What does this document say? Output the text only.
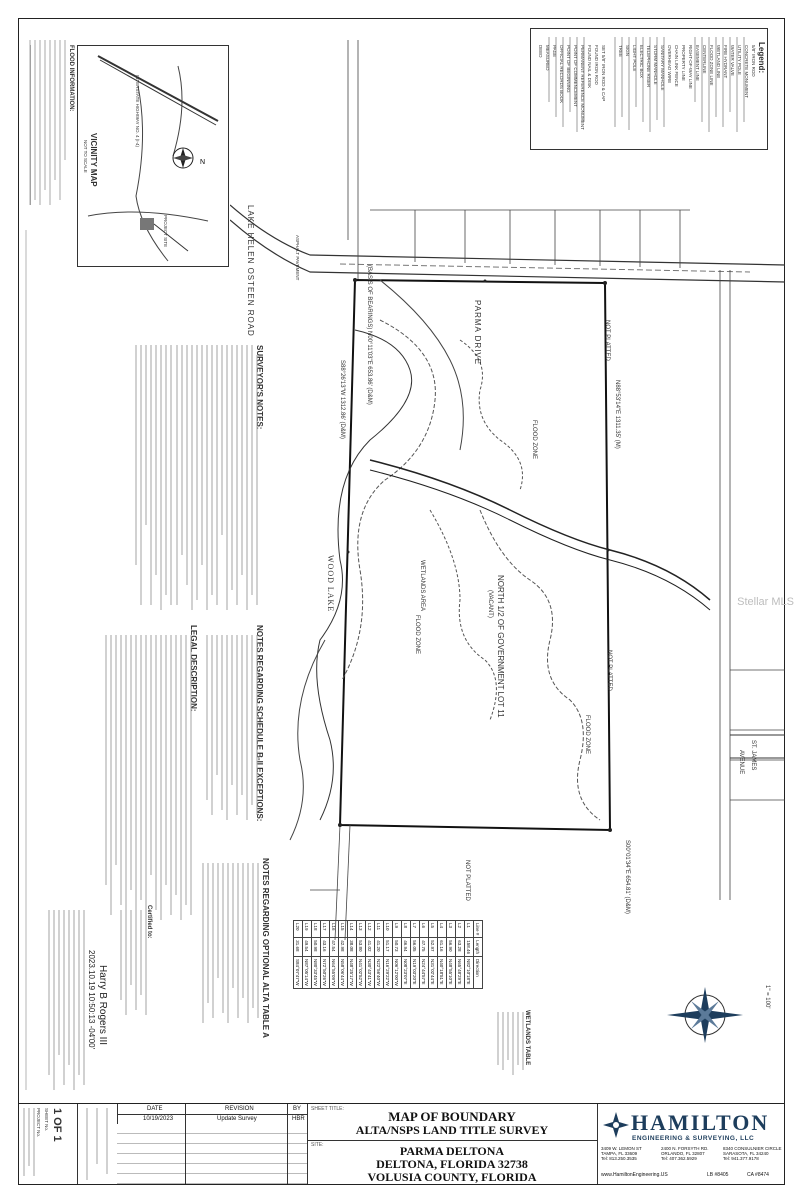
N
VICINITY MAP
NOT TO SCALE
INTERSTATE HIGHWAY NO. 4 (I-4)
PROJECT SITE
FLOOD INFORMATION:	Legend:
5/8" IRON ROD
CONCRETE MONUMENT
UTILITY POLE
WATER VALVE
FIRE HYDRANT
WETLAND LINE
FLOOD ZONE LINE
CENTERLINE
EASEMENT LINE
RIGHT-OF-WAY LINE
PROPERTY LINE
CHAIN LINK FENCE
OVERHEAD WIRE
SANITARY MANHOLE
STORM MANHOLE
TELEPHONE RISER
ELECTRIC BOX
LIGHT POLE
SIGN
TREE
SET 5/8" IRON ROD & CAP
FOUND IRON ROD
FOUND NAIL & DISK
PERMANENT REFERENCE MONUMENT
POINT OF COMMENCEMENT
POINT OF BEGINNING
OFFICIAL RECORDS BOOK
PAGE
MEASURED
DEED
LAKE HELEN OSTEEN ROAD	(BASIS OF BEARINGS) N00°11'03"E 653.86' (D&M)	PARMA DRIVE
WOOD LAKE
S88°26'13"W 1312.86' (D&M)	N88°53'14"E 1311.35' (M)
S00°01'34"E 654.81' (D&M)
NOT PLATTED
NOT PLATTED
NOT PLATTED
FLOOD ZONE
FLOOD ZONE
FLOOD ZONE
WETLANDS AREA	NORTH 1/2 OF GOVERNMENT LOT 11
(VACANT)
ASPHALT PAVEMENT
ST. JAMES
AVENUE
SURVEYOR'S NOTES:
NOTES REGARDING SCHEDULE B-II EXCEPTIONS:
LEGAL DESCRIPTION:
NOTES REGARDING OPTIONAL ALTA TABLE A
Certified to:
Harry B Rogers III
2023.10.19 10:50:13 -04'00'
Line #	Length	Direction
L1	158.46	N82°10'18"E
L2	63.28	N65°48'29"E
L3	56.90	N48°55'10"E
L4	61.16	N40°18'51"E
L5	52.97	N31°02'44"E
L6	47.75	N24°44'57"E
L7	56.05	N19°03'20"E
L8	46.94	N08°23'07"E
L9	50.73	N06°12'00"W
L10	51.17	N16°29'22"W
L11	41.20	N22°56'40"W
L12	41.02	N30°43'41"W
L13	53.80	N41°02'52"W
L14	38.08	N48°25'17"W
L15	42.98	N58°06'44"W
L16	47.54	N64°55'09"W
L17	43.16	N72°50'26"W
L18	50.98	N80°33'45"W
L19	49.54	N87°05'14"W
L20	31.68	S84°07'47"W
WETLANDS TABLE
1" = 100'
Stellar MLS
1 OF 1
SHEET No.
PROJECT No.	DATE	REVISION	BY
10/19/2023	Update Survey	HBR
SHEET TITLE:	MAP OF BOUNDARY
ALTA/NSPS LAND TITLE SURVEY
SITE:	PARMA DELTONA
DELTONA, FLORIDA 32738
VOLUSIA COUNTY, FLORIDA
HAMILTON
ENGINEERING & SURVEYING, LLC
3409 W. LEMON ST
TAMPA, FL 33609
Tel: 813.250.3535
2400 N. FORSYTH RD.
ORLANDO, FL 32807
Tel: 407.362.5929
8340 CONSULNIER CIRCLE
SARASOTA, FL 34240
Tel: 941.377.9178
www.HamiltonEngineering.US	LB #8405	CA #8474
